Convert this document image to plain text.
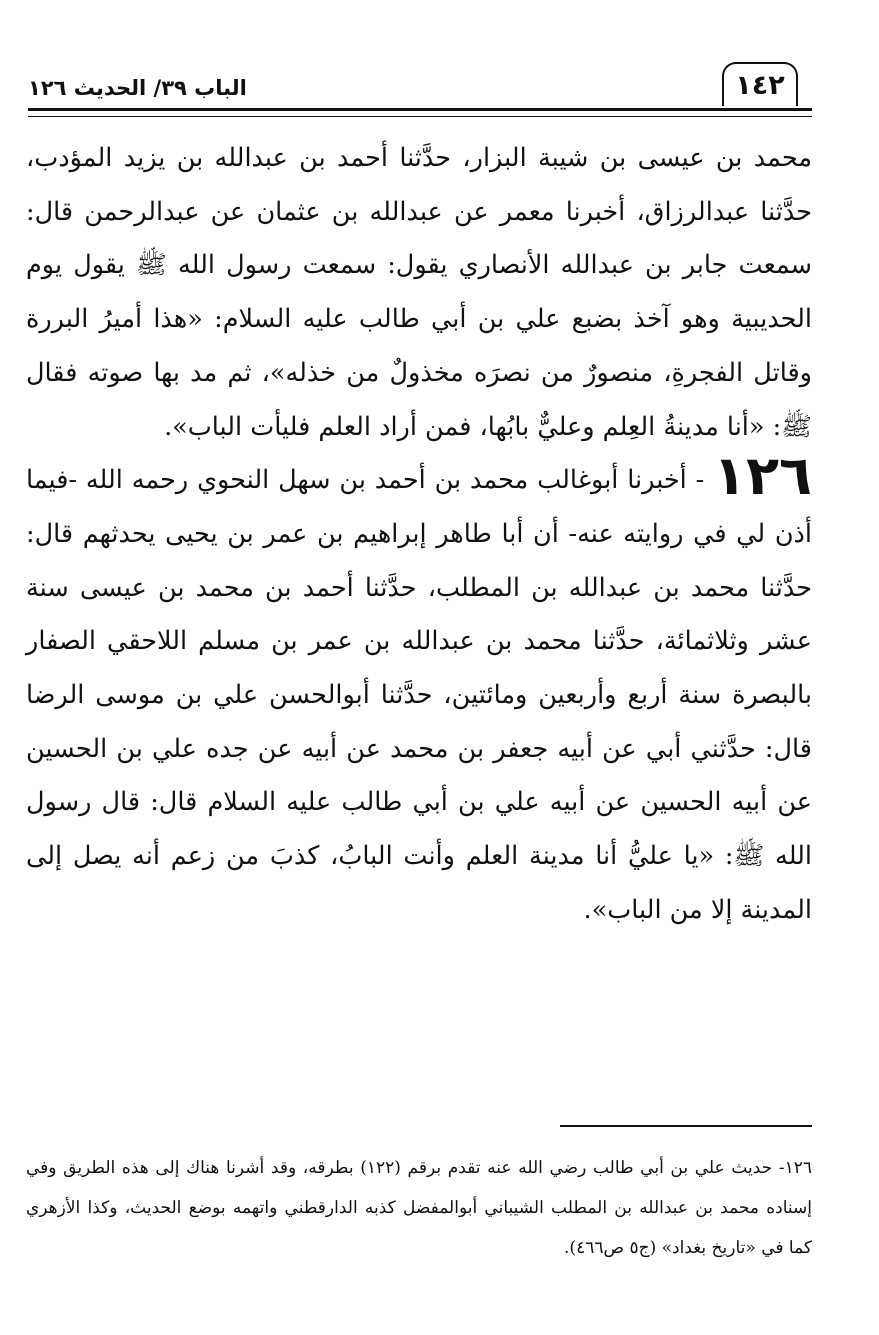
الباب ٣٩/ الحديث ١٢٦	١٤٢

محمد بن عيسى بن شيبة البزار، حدَّثنا أحمد بن عبدالله بن يزيد المؤدب، حدَّثنا عبدالرزاق، أخبرنا معمر عن عبدالله بن عثمان عن عبدالرحمن قال: سمعت جابر بن عبدالله الأنصاري يقول: سمعت رسول الله ﷺ يقول يوم الحديبية وهو آخذ بضبع علي بن أبي طالب عليه السلام: «هذا أميرُ البررة وقاتل الفجرةِ، منصورٌ من نصرَه مخذولٌ من خذله»، ثم مد بها صوته فقال ﷺ: «أنا مدينةُ العِلم وعليٌّ بابُها، فمن أراد العلم فليأت الباب».

١٢٦ - أخبرنا أبوغالب محمد بن أحمد بن سهل النحوي رحمه الله -فيما أذن لي في روايته عنه- أن أبا طاهر إبراهيم بن عمر بن يحيى يحدثهم قال: حدَّثنا محمد بن عبدالله بن المطلب، حدَّثنا أحمد بن محمد بن عيسى سنة عشر وثلاثمائة، حدَّثنا محمد بن عبدالله بن عمر بن مسلم اللاحقي الصفار بالبصرة سنة أربع وأربعين ومائتين، حدَّثنا أبوالحسن علي بن موسى الرضا قال: حدَّثني أبي عن أبيه جعفر بن محمد عن أبيه عن جده علي بن الحسين عن أبيه الحسين عن أبيه علي بن أبي طالب عليه السلام قال: قال رسول الله ﷺ: «يا عليُّ أنا مدينة العلم وأنت البابُ، كذبَ من زعم أنه يصل إلى المدينة إلا من الباب».

١٢٦- حديث علي بن أبي طالب رضي الله عنه تقدم برقم (١٢٢) بطرقه، وقد أشرنا هناك إلى هذه الطريق وفي إسناده محمد بن عبدالله بن المطلب الشيباني أبوالمفضل كذبه الدارقطني واتهمه بوضع الحديث، وكذا الأزهري كما في «تاريخ بغداد» (ج٥ ص٤٦٦).
